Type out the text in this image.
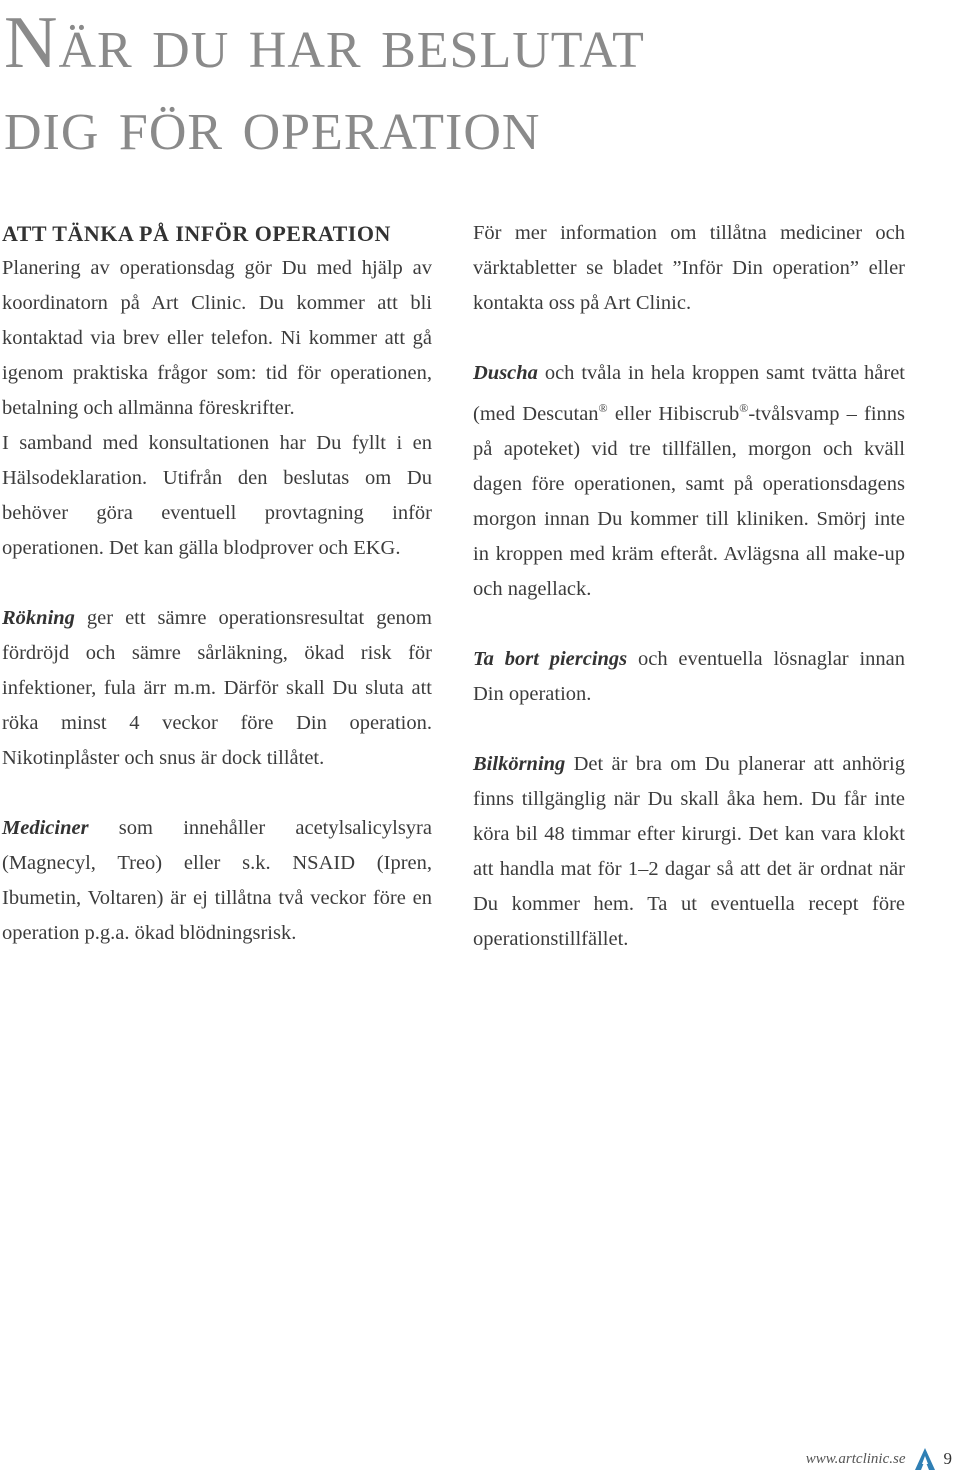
När du har beslutat
dig för operation
ATT TÄNKA PÅ INFÖR OPERATION

Planering av operationsdag gör Du med hjälp av koordinatorn på Art Clinic. Du kommer att bli kontaktad via brev eller telefon. Ni kommer att gå igenom praktiska frågor som: tid för operationen, betalning och allmänna föreskrifter.

I samband med konsultationen har Du fyllt i en Hälsodeklaration. Utifrån den beslutas om Du behöver göra eventuell provtagning inför operationen. Det kan gälla blodprover och EKG.

Rökning ger ett sämre operationsresultat genom fördröjd och sämre sårläkning, ökad risk för infektioner, fula ärr m.m. Därför skall Du sluta att röka minst 4 veckor före Din operation. Nikotinplåster och snus är dock tillåtet.

Mediciner som innehåller acetylsalicylsyra (Magnecyl, Treo) eller s.k. NSAID (Ipren, Ibumetin, Voltaren) är ej tillåtna två veckor före en operation p.g.a. ökad blödningsrisk.

För mer information om tillåtna mediciner och värktabletter se bladet ”Inför Din operation” eller kontakta oss på Art Clinic.

Duscha och tvåla in hela kroppen samt tvätta håret (med Descutan® eller Hibiscrub®-tvålsvamp – finns på apoteket) vid tre tillfällen, morgon och kväll dagen före operationen, samt på operationsdagens morgon innan Du kommer till kliniken. Smörj inte in kroppen med kräm efteråt. Avlägsna all make-up och nagellack.

Ta bort piercings och eventuella lösnaglar innan Din operation.

Bilkörning Det är bra om Du planerar att anhörig finns tillgänglig när Du skall åka hem. Du får inte köra bil 48 timmar efter kirurgi. Det kan vara klokt att handla mat för 1–2 dagar så att det är ordnat när Du kommer hem. Ta ut eventuella recept före operationstillfället.

www.artclinic.se 9
